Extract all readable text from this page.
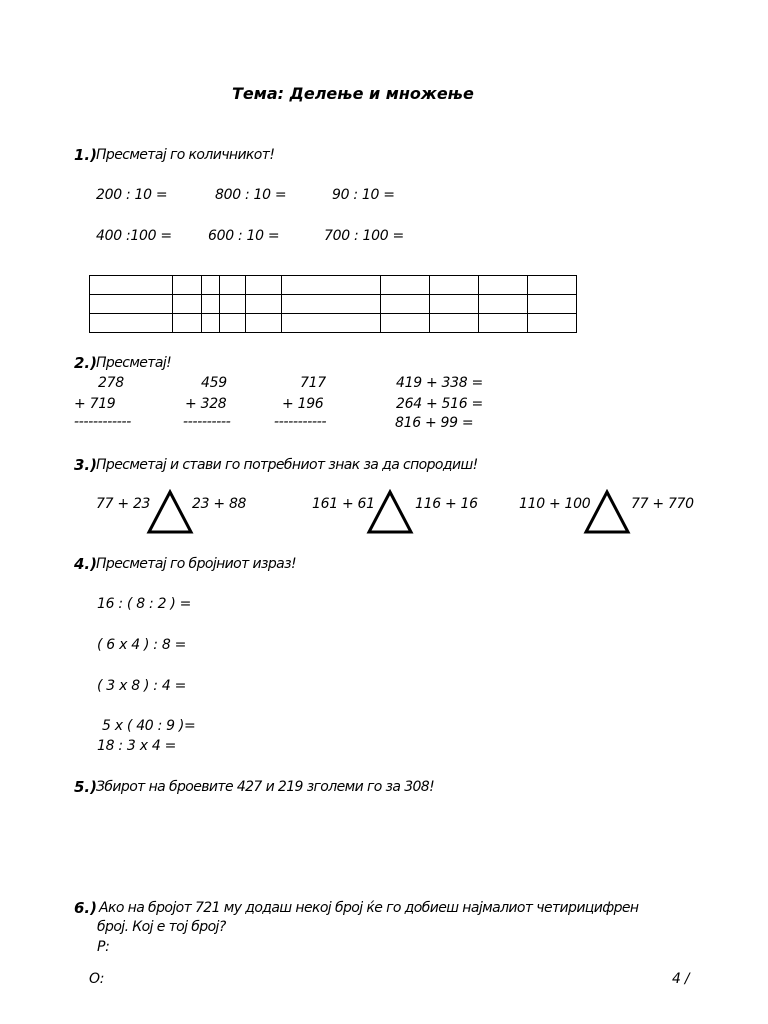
Тема: Делење и множење
1.) Пресметај го количникот!
200 : 10 =	800 : 10 =	90 : 10 =
400 :100 =	600 : 10 =	700 : 100 =

2.) Пресметај!
278
+ 719
------------
459
+ 328
----------
717
+ 196
-----------
419 + 338 =
264 + 516 =
816 + 99 =
3.) Пресметај и стави го потребниот знак за да спородиш!
77 + 23	23 + 88	161 + 61	116 + 16	110 + 100	77 + 770
4.) Пресметај го бројниот израз!
16 : ( 8 : 2 ) =
( 6 x 4 ) : 8 =
( 3 x 8 ) : 4 =
5 x ( 40 : 9 )=
18 : 3 x 4 =
5.) Збирот на броевите 427 и 219 зголеми го за 308!
6.) Ако на бројот 721 му додаш некој број ќе го добиеш најмалиот четирицифрен
број. Кој е тој број?
Р:
О:	4 /
